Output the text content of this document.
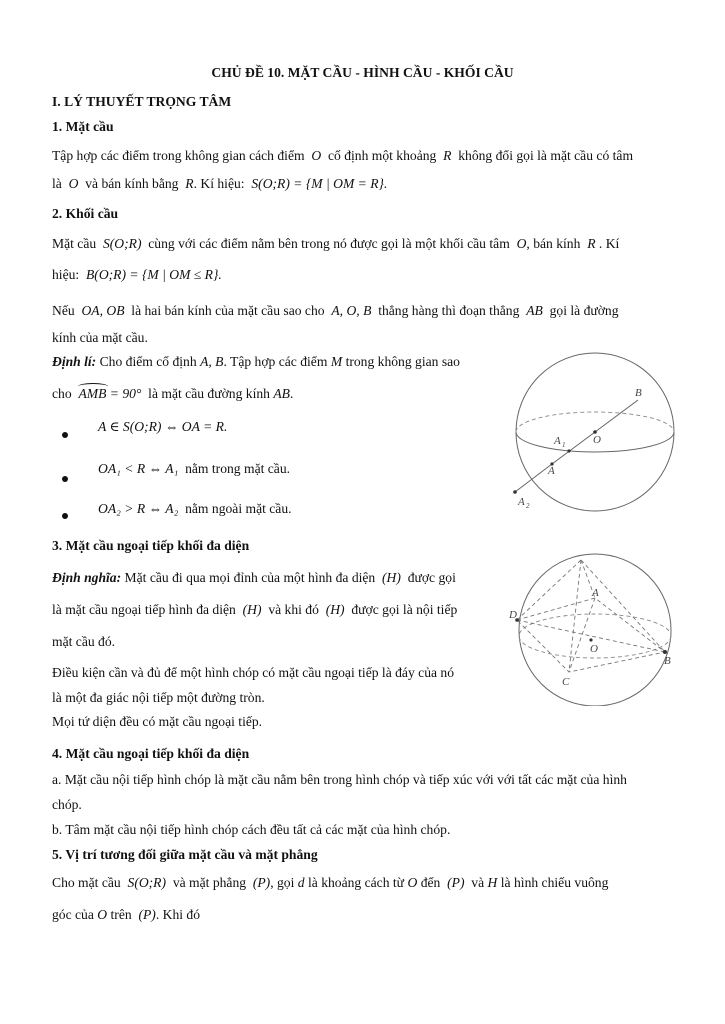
CHỦ ĐỀ 10. MẶT CẦU - HÌNH CẦU - KHỐI CẦU
I. LÝ THUYẾT TRỌNG TÂM
1. Mặt cầu
Tập hợp các điểm trong không gian cách điểm O cố định một khoảng R không đổi gọi là mặt cầu có tâm
là O và bán kính bằng R. Kí hiệu: S(O;R) = {M | OM = R}.
2. Khối cầu
Mặt cầu S(O;R) cùng với các điểm nằm bên trong nó được gọi là một khối cầu tâm O, bán kính R . Kí
hiệu: B(O;R) = {M | OM ≤ R}.
Nếu OA, OB là hai bán kính của mặt cầu sao cho A, O, B thẳng hàng thì đoạn thẳng AB gọi là đường
kính của mặt cầu.
Định lí: Cho điểm cố định A, B. Tập hợp các điểm M trong không gian sao
cho AMB = 90° là mặt cầu đường kính AB.
A ∈ S(O;R) ⇔ OA = R.
OA₁ < R ⇔ A₁ nằm trong mặt cầu.
OA₂ > R ⇔ A₂ nằm ngoài mặt cầu.
B
A 1	O
A
A 2
3. Mặt cầu ngoại tiếp khối đa diện
Định nghĩa: Mặt cầu đi qua mọi đỉnh của một hình đa diện (H) được gọi
là mặt cầu ngoại tiếp hình đa diện (H) và khi đó (H) được gọi là nội tiếp
mặt cầu đó.
Điều kiện cần và đủ để một hình chóp có mặt cầu ngoại tiếp là đáy của nó
là một đa giác nội tiếp một đường tròn.
Mọi tứ diện đều có mặt cầu ngoại tiếp.
D
A
B
C
O
4. Mặt cầu ngoại tiếp khối đa diện
a. Mặt cầu nội tiếp hình chóp là mặt cầu nằm bên trong hình chóp và tiếp xúc với với tất các mặt của hình
chóp.
b. Tâm mặt cầu nội tiếp hình chóp cách đều tất cả các mặt của hình chóp.
5. Vị trí tương đối giữa mặt cầu và mặt phẳng
Cho mặt cầu S(O;R) và mặt phẳng (P), gọi d là khoảng cách từ O đến (P) và H là hình chiếu vuông
góc của O trên (P). Khi đó
